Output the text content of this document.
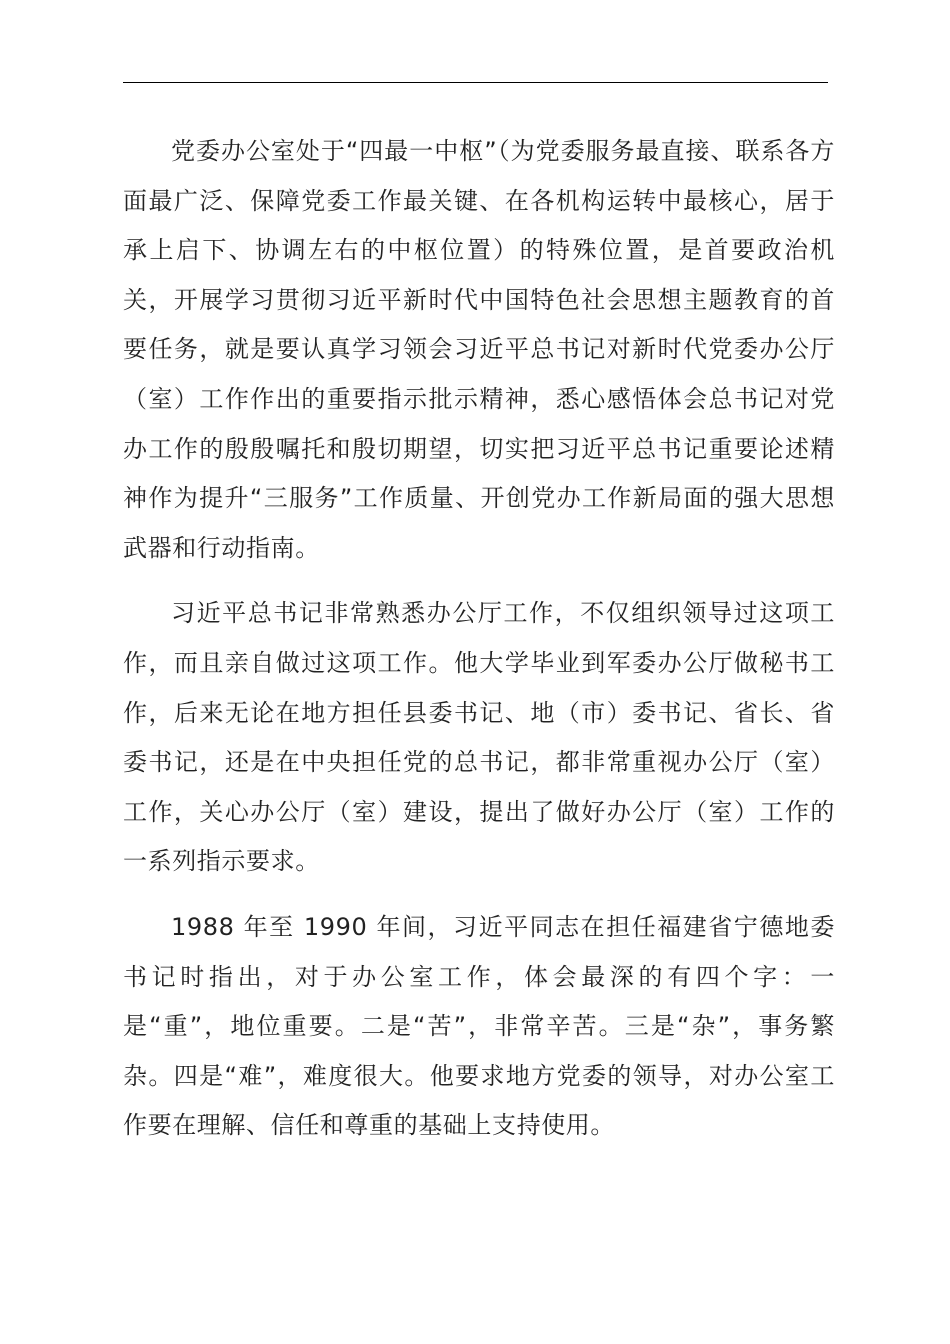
党委办公室处于“四最一中枢”（为党委服务最直接、联系各方面最广泛、保障党委工作最关键、在各机构运转中最核心，居于承上启下、协调左右的中枢位置）的特殊位置，是首要政治机关，开展学习贯彻习近平新时代中国特色社会思想主题教育的首要任务，就是要认真学习领会习近平总书记对新时代党委办公厅（室）工作作出的重要指示批示精神，悉心感悟体会总书记对党办工作的殷殷嘱托和殷切期望，切实把习近平总书记重要论述精神作为提升“三服务”工作质量、开创党办工作新局面的强大思想武器和行动指南。

习近平总书记非常熟悉办公厅工作，不仅组织领导过这项工作，而且亲自做过这项工作。他大学毕业到军委办公厅做秘书工作，后来无论在地方担任县委书记、地（市）委书记、省长、省委书记，还是在中央担任党的总书记，都非常重视办公厅（室）工作，关心办公厅（室）建设，提出了做好办公厅（室）工作的一系列指示要求。

1988 年至 1990 年间，习近平同志在担任福建省宁德地委书记时指出，对于办公室工作，体会最深的有四个字：一是“重”，地位重要。二是“苦”，非常辛苦。三是“杂”，事务繁杂。四是“难”，难度很大。他要求地方党委的领导，对办公室工作要在理解、信任和尊重的基础上支持使用。
